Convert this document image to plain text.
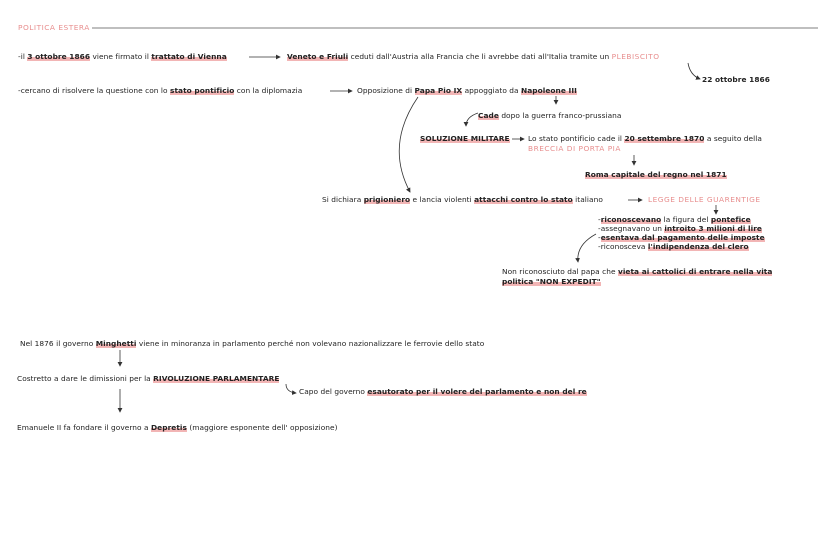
POLITICA ESTERA
-il 3 ottobre 1866 viene firmato il trattato di Vienna	Veneto e Friuli ceduti dall'Austria alla Francia che li avrebbe dati all'Italia tramite un PLEBISCITO
22 ottobre 1866
-cercano di risolvere la questione con lo stato pontificio con la diplomazia	Opposizione di Papa Pio IX appoggiato da Napoleone III
Cade dopo la guerra franco-prussiana
SOLUZIONE MILITARE Lo stato pontificio cade il 20 settembre 1870 a seguito della
BRECCIA DI PORTA PIA
Roma capitale del regno nel 1871
Si dichiara prigioniero e lancia violenti attacchi contro lo stato italiano	LEGGE DELLE GUARENTIGE
-riconoscevano la figura del pontefice
-assegnavano un introito 3 milioni di lire
-esentava dal pagamento delle imposte
-riconosceva l'indipendenza del clero
Non riconosciuto dal papa che vieta ai cattolici di entrare nella vita
politica "NON EXPEDIT"
Nel 1876 il governo Minghetti viene in minoranza in parlamento perché non volevano nazionalizzare le ferrovie dello stato
Costretto a dare le dimissioni per la RIVOLUZIONE PARLAMENTARE
Capo del governo esautorato per il volere del parlamento e non del re
Emanuele II fa fondare il governo a Depretis (maggiore esponente dell' opposizione)
